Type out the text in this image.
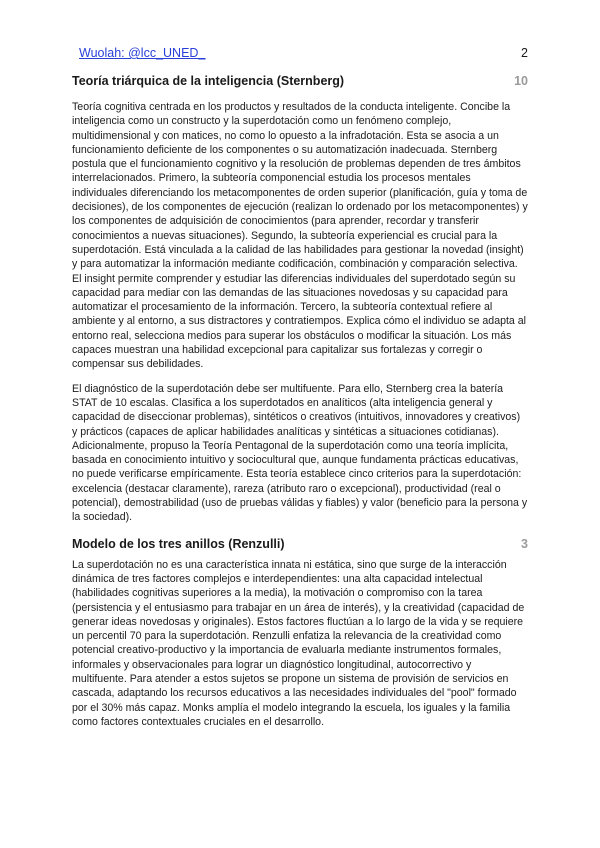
Wuolah: @lcc_UNED_	2
Teoría triárquica de la inteligencia (Sternberg)	10

Teoría cognitiva centrada en los productos y resultados de la conducta inteligente. Concibe la inteligencia como un constructo y la superdotación como un fenómeno complejo, multidimensional y con matices, no como lo opuesto a la infradotación. Esta se asocia a un funcionamiento deficiente de los componentes o su automatización inadecuada. Sternberg postula que el funcionamiento cognitivo y la resolución de problemas dependen de tres ámbitos interrelacionados. Primero, la subteoría componencial estudia los procesos mentales individuales diferenciando los metacomponentes de orden superior (planificación, guía y toma de decisiones), de los componentes de ejecución (realizan lo ordenado por los metacomponentes) y los componentes de adquisición de conocimientos (para aprender, recordar y transferir conocimientos a nuevas situaciones). Segundo, la subteoría experiencial es crucial para la superdotación. Está vinculada a la calidad de las habilidades para gestionar la novedad (insight) y para automatizar la información mediante codificación, combinación y comparación selectiva. El insight permite comprender y estudiar las diferencias individuales del superdotado según su capacidad para mediar con las demandas de las situaciones novedosas y su capacidad para automatizar el procesamiento de la información. Tercero, la subteoría contextual refiere al ambiente y al entorno, a sus distractores y contratiempos. Explica cómo el individuo se adapta al entorno real, selecciona medios para superar los obstáculos o modificar la situación. Los más capaces muestran una habilidad excepcional para capitalizar sus fortalezas y corregir o compensar sus debilidades.

El diagnóstico de la superdotación debe ser multifuente. Para ello, Sternberg crea la batería STAT de 10 escalas. Clasifica a los superdotados en analíticos (alta inteligencia general y capacidad de diseccionar problemas), sintéticos o creativos (intuitivos, innovadores y creativos) y prácticos (capaces de aplicar habilidades analíticas y sintéticas a situaciones cotidianas). Adicionalmente, propuso la Teoría Pentagonal de la superdotación como una teoría implícita, basada en conocimiento intuitivo y sociocultural que, aunque fundamenta prácticas educativas, no puede verificarse empíricamente. Esta teoría establece cinco criterios para la superdotación: excelencia (destacar claramente), rareza (atributo raro o excepcional), productividad (real o potencial), demostrabilidad (uso de pruebas válidas y fiables) y valor (beneficio para la persona y la sociedad).

Modelo de los tres anillos (Renzulli)	3

La superdotación no es una característica innata ni estática, sino que surge de la interacción dinámica de tres factores complejos e interdependientes: una alta capacidad intelectual (habilidades cognitivas superiores a la media), la motivación o compromiso con la tarea (persistencia y el entusiasmo para trabajar en un área de interés), y la creatividad (capacidad de generar ideas novedosas y originales). Estos factores fluctúan a lo largo de la vida y se requiere un percentil 70 para la superdotación. Renzulli enfatiza la relevancia de la creatividad como potencial creativo-productivo y la importancia de evaluarla mediante instrumentos formales, informales y observacionales para lograr un diagnóstico longitudinal, autocorrectivo y multifuente. Para atender a estos sujetos se propone un sistema de provisión de servicios en cascada, adaptando los recursos educativos a las necesidades individuales del "pool" formado por el 30% más capaz. Monks amplía el modelo integrando la escuela, los iguales y la familia como factores contextuales cruciales en el desarrollo.
